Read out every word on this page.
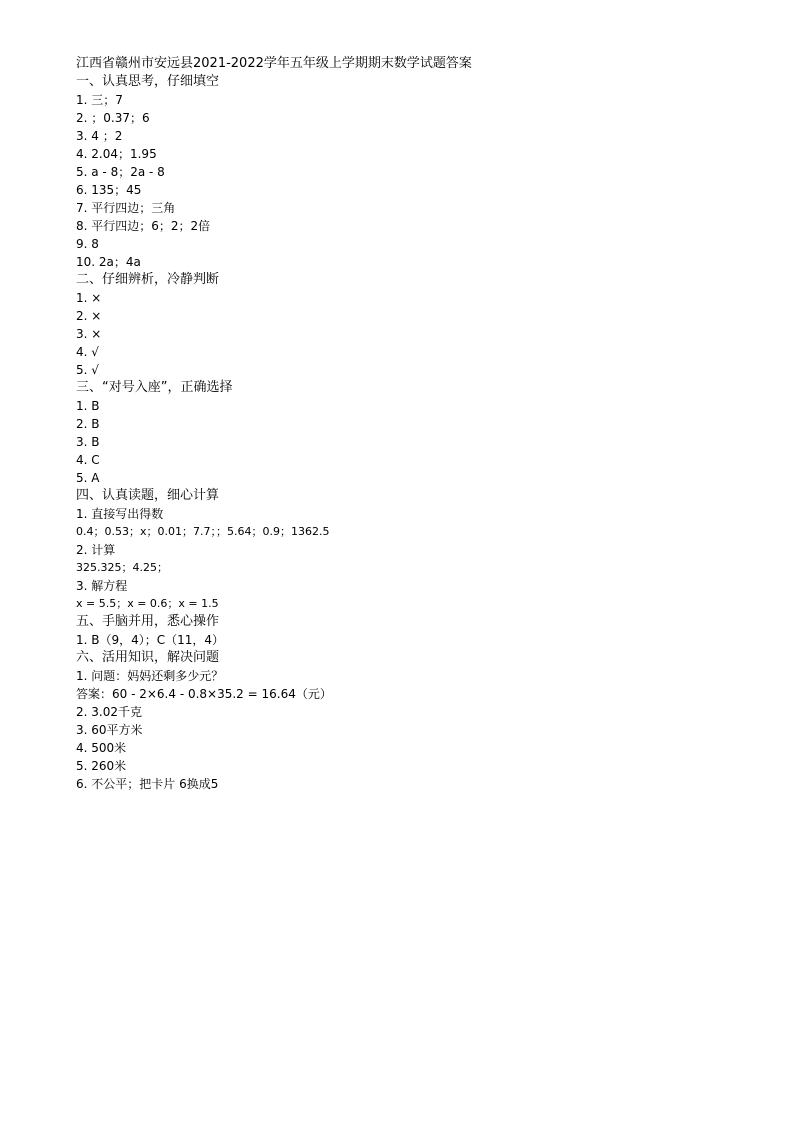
江西省赣州市安远县2021-2022学年五年级上学期期末数学试题答案
一、认真思考，仔细填空
1. 三；7
2. ；0.37；6
3. 4 ；2
4. 2.04；1.95
5. a - 8；2a - 8
6. 135；45
7. 平行四边；三角
8. 平行四边；6；2；2倍
9. 8
10. 2a；4a
二、仔细辨析，冷静判断
1. ×
2. ×
3. ×
4. √
5. √
三、“对号入座”，正确选择
1. B
2. B
3. B
4. C
5. A
四、认真读题，细心计算
1. 直接写出得数
0.4；0.53；x；0.01；7.7；；5.64；0.9；1362.5
2. 计算
325.325；4.25；
3. 解方程
x = 5.5；x = 0.6；x = 1.5
五、手脑并用，悉心操作
1. B（9，4）；C（11，4）
六、活用知识，解决问题
1. 问题：妈妈还剩多少元？
答案：60 - 2×6.4 - 0.8×35.2 = 16.64（元）
2. 3.02千克
3. 60平方米
4. 500米
5. 260米
6. 不公平；把卡片 6换成5
